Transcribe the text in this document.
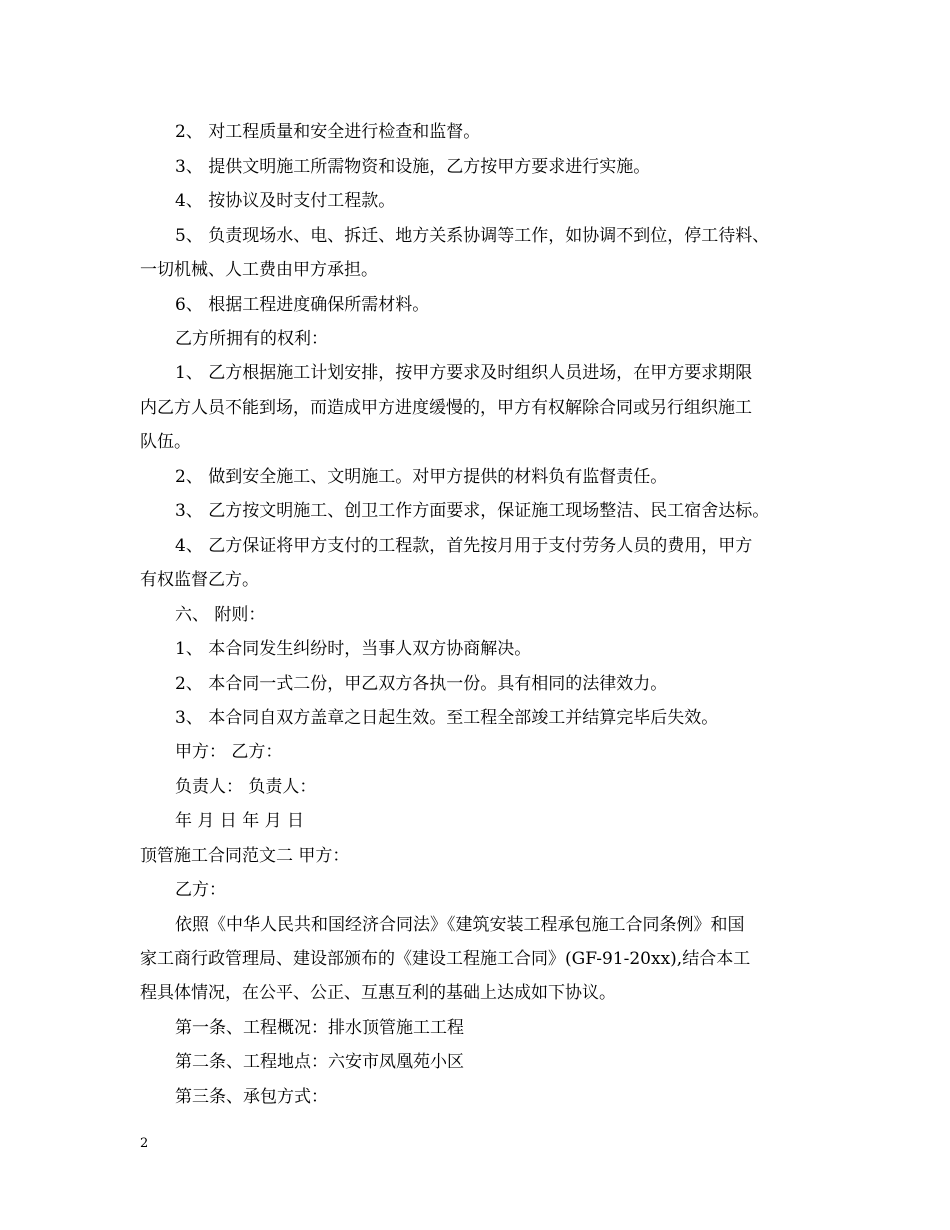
2、 对工程质量和安全进行检查和监督。
3、 提供文明施工所需物资和设施，乙方按甲方要求进行实施。
4、 按协议及时支付工程款。
5、 负责现场水、电、拆迁、地方关系协调等工作，如协调不到位，停工待料、
一切机械、人工费由甲方承担。
6、 根据工程进度确保所需材料。
乙方所拥有的权利：
1、 乙方根据施工计划安排，按甲方要求及时组织人员进场，在甲方要求期限
内乙方人员不能到场，而造成甲方进度缓慢的，甲方有权解除合同或另行组织施工
队伍。
2、 做到安全施工、文明施工。对甲方提供的材料负有监督责任。
3、 乙方按文明施工、创卫工作方面要求，保证施工现场整洁、民工宿舍达标。
4、 乙方保证将甲方支付的工程款，首先按月用于支付劳务人员的费用，甲方
有权监督乙方。
六、 附则：
1、 本合同发生纠纷时，当事人双方协商解决。
2、 本合同一式二份，甲乙双方各执一份。具有相同的法律效力。
3、 本合同自双方盖章之日起生效。至工程全部竣工并结算完毕后失效。
甲方： 乙方：
负责人： 负责人：
年 月 日 年 月 日
顶管施工合同范文二 甲方：
乙方：
依照《中华人民共和国经济合同法》《建筑安装工程承包施工合同条例》和国
家工商行政管理局、建设部颁布的《建设工程施工合同》(GF-91-20xx),结合本工
程具体情况，在公平、公正、互惠互利的基础上达成如下协议。
第一条、工程概况：排水顶管施工工程
第二条、工程地点：六安市凤凰苑小区
第三条、承包方式：
2
